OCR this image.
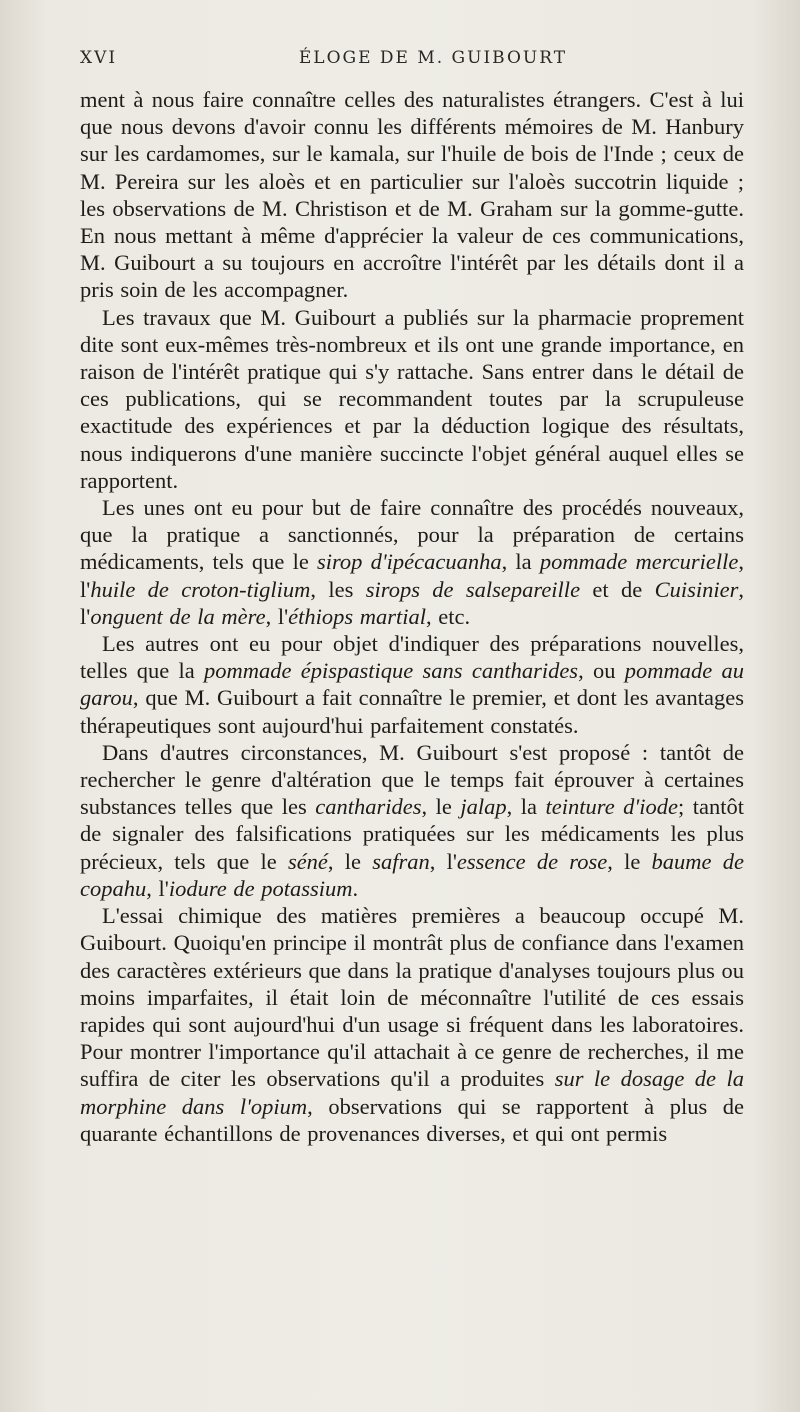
XVI	ÉLOGE DE M. GUIBOURT

ment à nous faire connaître celles des naturalistes étrangers. C'est à lui que nous devons d'avoir connu les différents mémoires de M. Hanbury sur les cardamomes, sur le kamala, sur l'huile de bois de l'Inde ; ceux de M. Pereira sur les aloès et en particulier sur l'aloès succotrin liquide ; les observations de M. Christison et de M. Graham sur la gomme-gutte. En nous mettant à même d'apprécier la valeur de ces communications, M. Guibourt a su toujours en accroître l'intérêt par les détails dont il a pris soin de les accompagner.

Les travaux que M. Guibourt a publiés sur la pharmacie proprement dite sont eux-mêmes très-nombreux et ils ont une grande importance, en raison de l'intérêt pratique qui s'y rattache. Sans entrer dans le détail de ces publications, qui se recommandent toutes par la scrupuleuse exactitude des expériences et par la déduction logique des résultats, nous indiquerons d'une manière succincte l'objet général auquel elles se rapportent.

Les unes ont eu pour but de faire connaître des procédés nouveaux, que la pratique a sanctionnés, pour la préparation de certains médicaments, tels que le sirop d'ipécacuanha, la pommade mercurielle, l'huile de croton-tiglium, les sirops de salsepareille et de Cuisinier, l'onguent de la mère, l'éthiops martial, etc.

Les autres ont eu pour objet d'indiquer des préparations nouvelles, telles que la pommade épispastique sans cantharides, ou pommade au garou, que M. Guibourt a fait connaître le premier, et dont les avantages thérapeutiques sont aujourd'hui parfaitement constatés.

Dans d'autres circonstances, M. Guibourt s'est proposé : tantôt de rechercher le genre d'altération que le temps fait éprouver à certaines substances telles que les cantharides, le jalap, la teinture d'iode; tantôt de signaler des falsifications pratiquées sur les médicaments les plus précieux, tels que le séné, le safran, l'essence de rose, le baume de copahu, l'iodure de potassium.

L'essai chimique des matières premières a beaucoup occupé M. Guibourt. Quoiqu'en principe il montrât plus de confiance dans l'examen des caractères extérieurs que dans la pratique d'analyses toujours plus ou moins imparfaites, il était loin de méconnaître l'utilité de ces essais rapides qui sont aujourd'hui d'un usage si fréquent dans les laboratoires. Pour montrer l'importance qu'il attachait à ce genre de recherches, il me suffira de citer les observations qu'il a produites sur le dosage de la morphine dans l'opium, observations qui se rapportent à plus de quarante échantillons de provenances diverses, et qui ont permis
